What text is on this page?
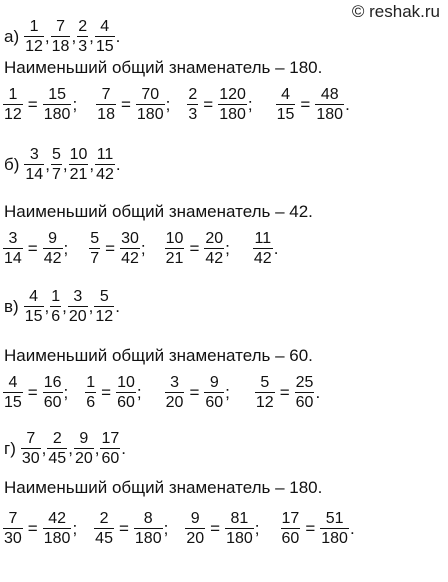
© reshak.ru
$а) \frac{1}{12}$ , $\frac{7}{18}$ , $\frac{2}{3}$ , $\frac{4}{15}$ .
Наименьший общий знаменатель – 180.
$\frac{1}{12} = \frac{15}{180}$ ; $\frac{7}{18} = \frac{70}{180}$ ; $\frac{2}{3} = \frac{120}{180}$ ; $\frac{4}{15} = \frac{48}{180}$ .
$б) \frac{3}{14}$ , $\frac{5}{7}$ , $\frac{10}{21}$ , $\frac{11}{42}$ .
Наименьший общий знаменатель – 42.
$\frac{3}{14} = \frac{9}{42}$ ; $\frac{5}{7} = \frac{30}{42}$ ; $\frac{10}{21} = \frac{20}{42}$ ; $\frac{11}{42}$ .
$в) \frac{4}{15}$ , $\frac{1}{6}$ , $\frac{3}{20}$ , $\frac{5}{12}$ .
Наименьший общий знаменатель – 60.
$\frac{4}{15} = \frac{16}{60}$ ; $\frac{1}{6} = \frac{10}{60}$ ; $\frac{3}{20} = \frac{9}{60}$ ; $\frac{5}{12} = \frac{25}{60}$ .
$г) \frac{7}{30}$ , $\frac{2}{45}$ , $\frac{9}{20}$ , $\frac{17}{60}$ .
Наименьший общий знаменатель – 180.
$\frac{7}{30} = \frac{42}{180}$ ; $\frac{2}{45} = \frac{8}{180}$ ; $\frac{9}{20} = \frac{81}{180}$ ; $\frac{17}{60} = \frac{51}{180}$ .
